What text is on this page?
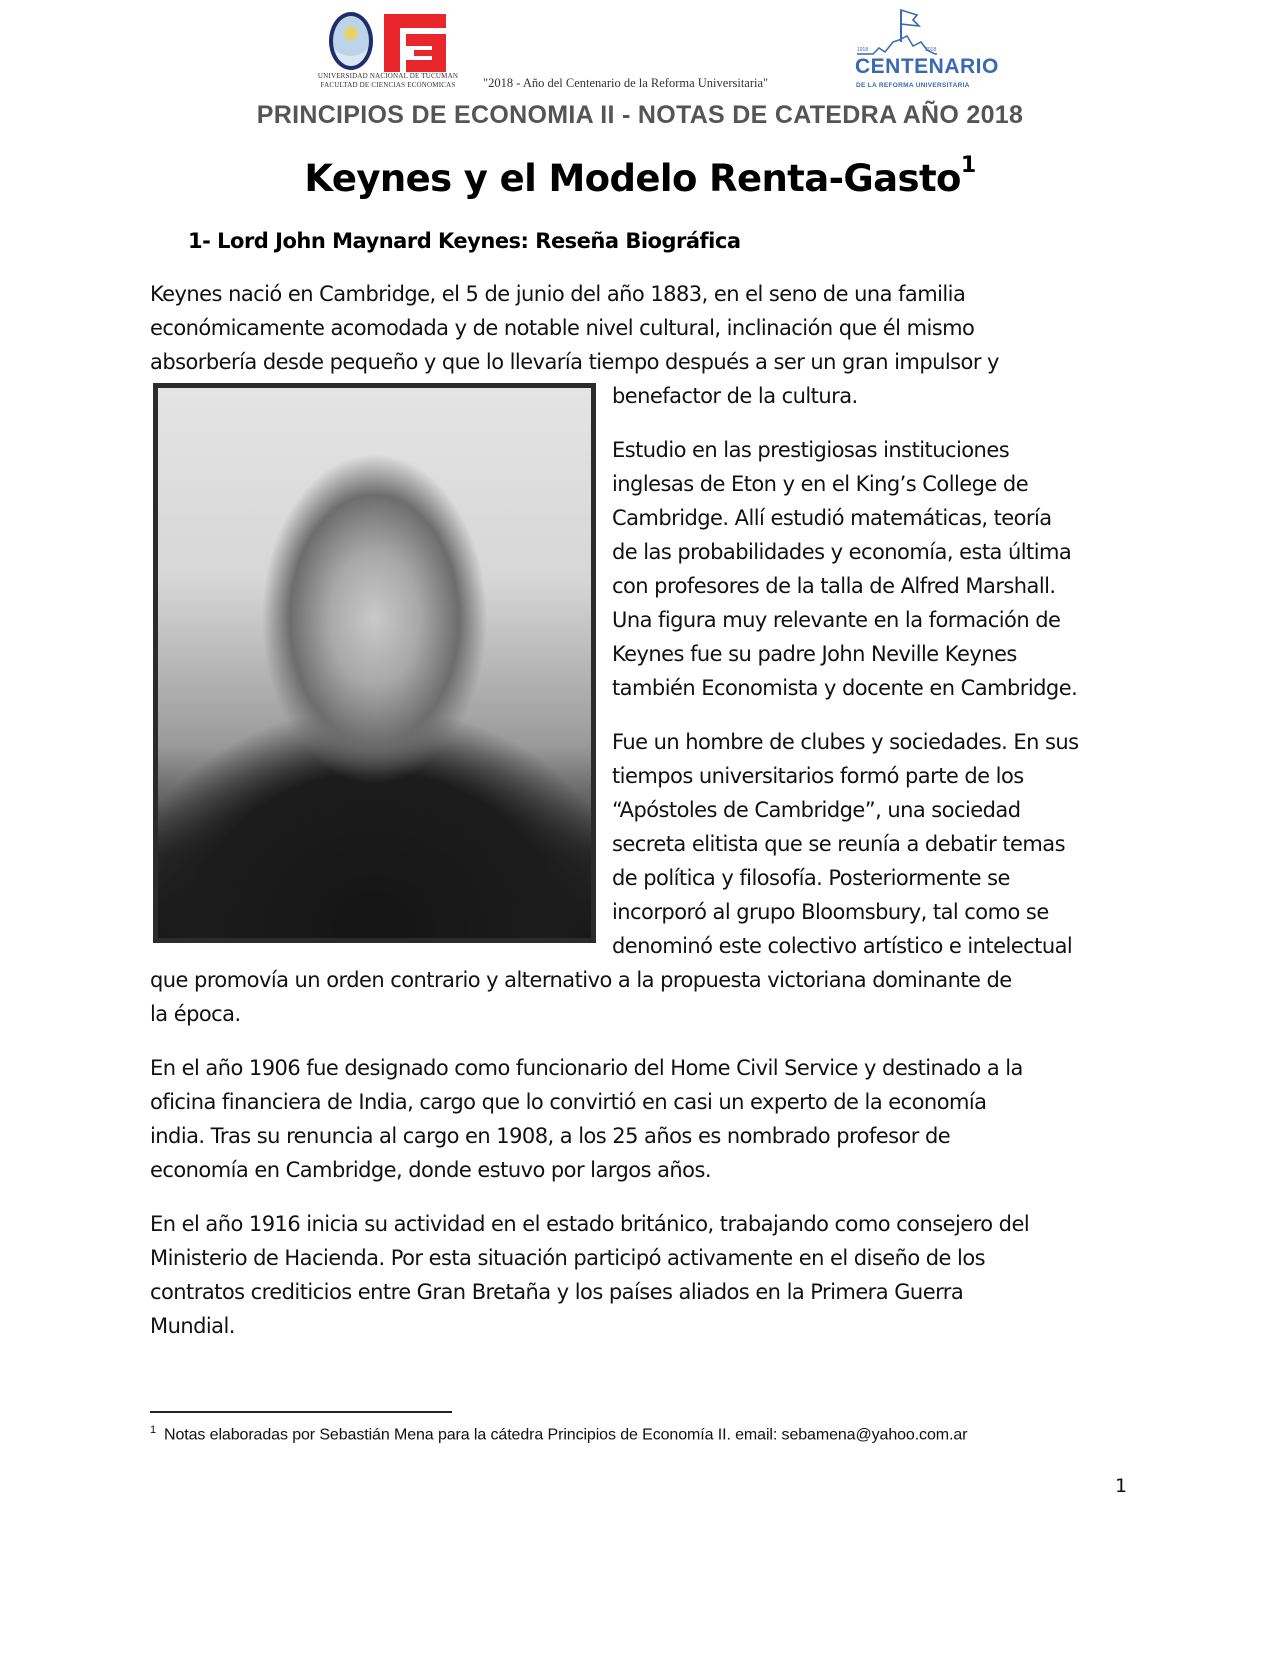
UNIVERSIDAD NACIONAL DE TUCUMAN
FACULTAD DE CIENCIAS ECONOMICAS	"2018 - Año del Centenario de la Reforma Universitaria"
1918	2018
CENTENARIO
DE LA REFORMA UNIVERSITARIA
PRINCIPIOS DE ECONOMIA II - NOTAS DE CATEDRA AÑO 2018
Keynes y el Modelo Renta-Gasto$^1$
1- Lord John Maynard Keynes: Reseña Biográfica
Keynes nació en Cambridge, el 5 de junio del año 1883, en el seno de una familia
económicamente acomodada y de notable nivel cultural, inclinación que él mismo
absorbería desde pequeño y que lo llevaría tiempo después a ser un gran impulsor y
benefactor de la cultura.
Estudio en las prestigiosas instituciones
inglesas de Eton y en el King’s College de
Cambridge. Allí estudió matemáticas, teoría
de las probabilidades y economía, esta última
con profesores de la talla de Alfred Marshall.
Una figura muy relevante en la formación de
Keynes fue su padre John Neville Keynes
también Economista y docente en Cambridge.
Fue un hombre de clubes y sociedades. En sus
tiempos universitarios formó parte de los
“Apóstoles de Cambridge”, una sociedad
secreta elitista que se reunía a debatir temas
de política y filosofía. Posteriormente se
incorporó al grupo Bloomsbury, tal como se
denominó este colectivo artístico e intelectual
que promovía un orden contrario y alternativo a la propuesta victoriana dominante de
la época.
En el año 1906 fue designado como funcionario del Home Civil Service y destinado a la
oficina financiera de India, cargo que lo convirtió en casi un experto de la economía
india. Tras su renuncia al cargo en 1908, a los 25 años es nombrado profesor de
economía en Cambridge, donde estuvo por largos años.
En el año 1916 inicia su actividad en el estado británico, trabajando como consejero del
Ministerio de Hacienda. Por esta situación participó activamente en el diseño de los
contratos crediticios entre Gran Bretaña y los países aliados en la Primera Guerra
Mundial.
$^1$ Notas elaboradas por Sebastián Mena para la cátedra Principios de Economía II. email: sebamena@yahoo.com.ar
1
